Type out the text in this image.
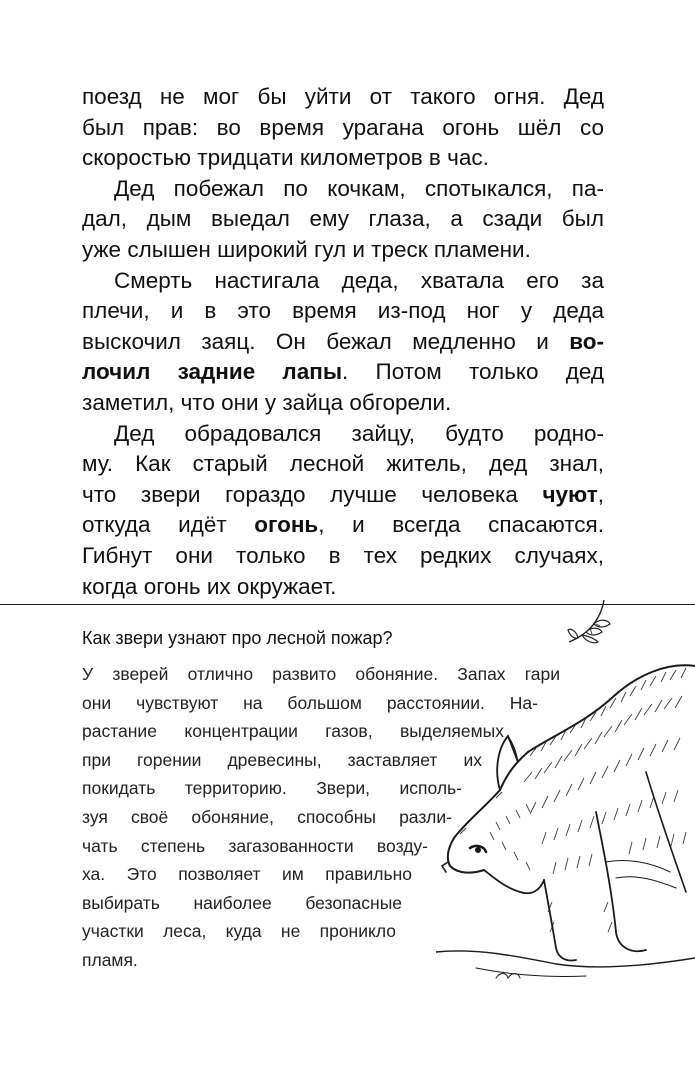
поезд не мог бы уйти от такого огня. Дед
был прав: во время урагана огонь шёл со
скоростью тридцати километров в час.

Дед побежал по кочкам, спотыкался, па-
дал, дым выедал ему глаза, а сзади был
уже слышен широкий гул и треск пламени.

Смерть настигала деда, хватала его за
плечи, и в это время из-под ног у деда
выскочил заяц. Он бежал медленно и во-
лочил задние лапы. Потом только дед
заметил, что они у зайца обгорели.

Дед обрадовался зайцу, будто родно-
му. Как старый лесной житель, дед знал,
что звери гораздо лучше человека чуют,
откуда идёт огонь, и всегда спасаются.
Гибнут они только в тех редких случаях,
когда огонь их окружает.

Как звери узнают про лесной пожар?
У зверей отлично развито обоняние. Запах гари
они чувствуют на большом расстоянии. На-
растание концентрации газов, выделяемых
при горении древесины, заставляет их
покидать территорию. Звери, исполь-
зуя своё обоняние, способны разли-
чать степень загазованности возду-
ха. Это позволяет им правильно
выбирать наиболее безопасные
участки леса, куда не проникло
пламя.
